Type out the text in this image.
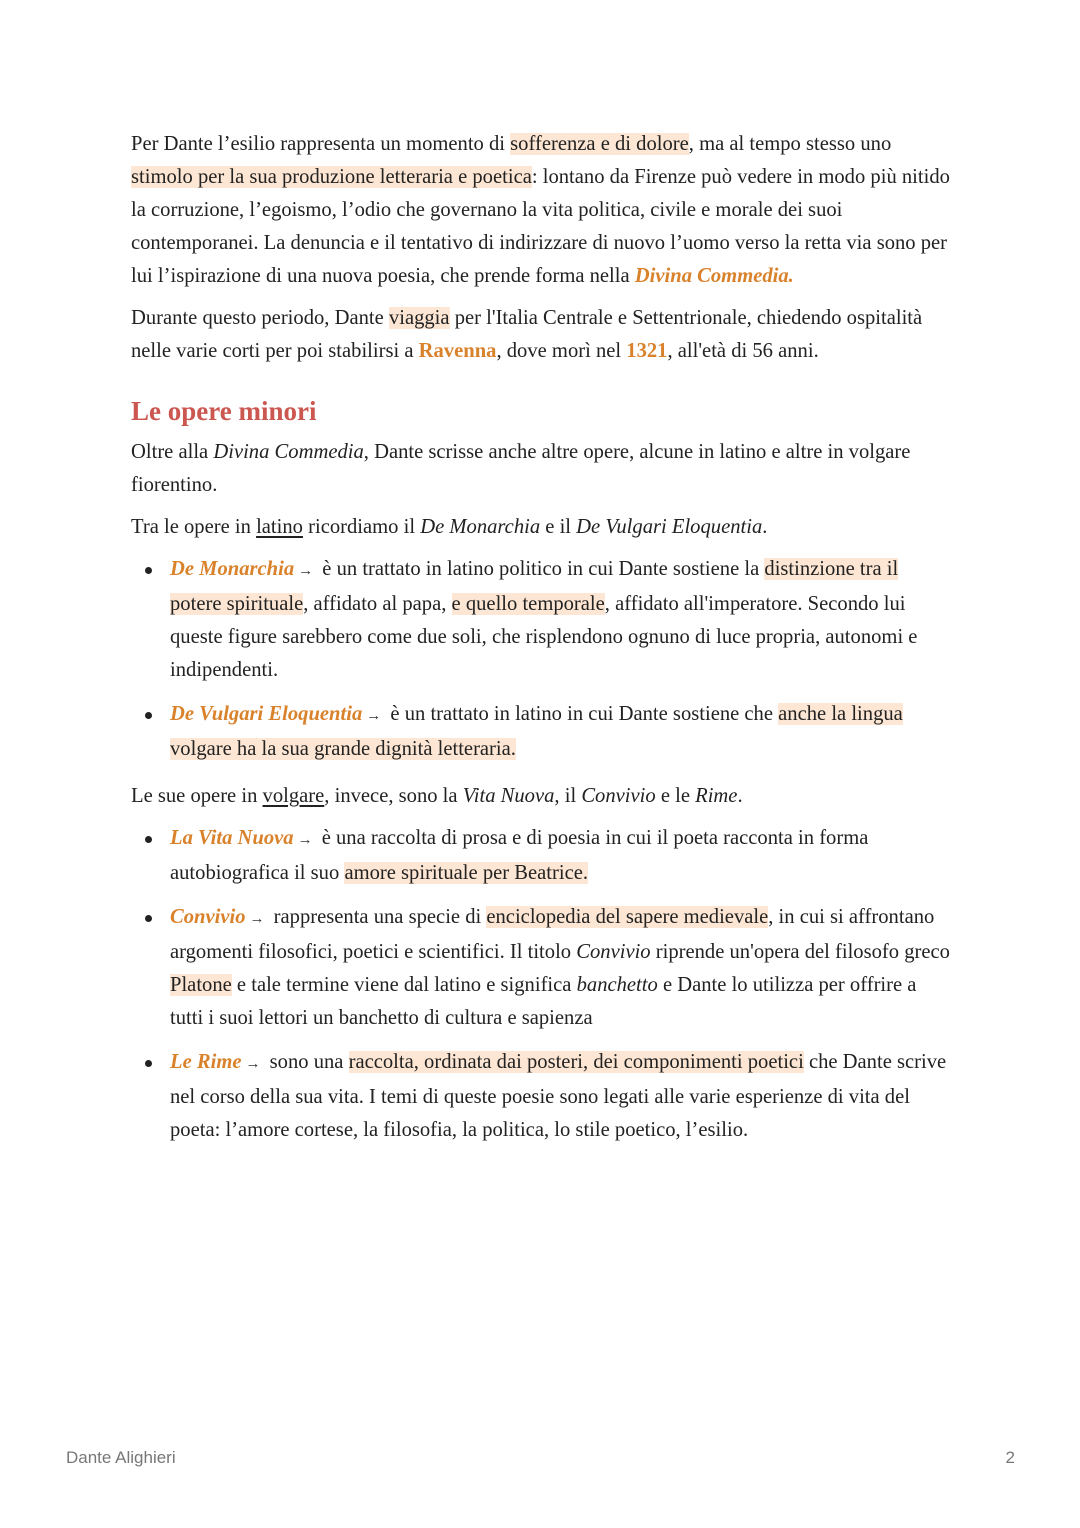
Per Dante l’esilio rappresenta un momento di sofferenza e di dolore, ma al tempo stesso uno stimolo per la sua produzione letteraria e poetica: lontano da Firenze può vedere in modo più nitido la corruzione, l’egoismo, l’odio che governano la vita politica, civile e morale dei suoi contemporanei. La denuncia e il tentativo di indirizzare di nuovo l’uomo verso la retta via sono per lui l’ispirazione di una nuova poesia, che prende forma nella Divina Commedia.

Durante questo periodo, Dante viaggia per l'Italia Centrale e Settentrionale, chiedendo ospitalità nelle varie corti per poi stabilirsi a Ravenna, dove morì nel 1321, all'età di 56 anni.

Le opere minori

Oltre alla Divina Commedia, Dante scrisse anche altre opere, alcune in latino e altre in volgare fiorentino.

Tra le opere in latino ricordiamo il De Monarchia e il De Vulgari Eloquentia.

De Monarchia → è un trattato in latino politico in cui Dante sostiene la distinzione tra il potere spirituale, affidato al papa, e quello temporale, affidato all'imperatore. Secondo lui queste figure sarebbero come due soli, che risplendono ognuno di luce propria, autonomi e indipendenti.
De Vulgari Eloquentia → è un trattato in latino in cui Dante sostiene che anche la lingua volgare ha la sua grande dignità letteraria.

Le sue opere in volgare, invece, sono la Vita Nuova, il Convivio e le Rime.

La Vita Nuova → è una raccolta di prosa e di poesia in cui il poeta racconta in forma autobiografica il suo amore spirituale per Beatrice.
Convivio → rappresenta una specie di enciclopedia del sapere medievale, in cui si affrontano argomenti filosofici, poetici e scientifici. Il titolo Convivio riprende un'opera del filosofo greco Platone e tale termine viene dal latino e significa banchetto e Dante lo utilizza per offrire a tutti i suoi lettori un banchetto di cultura e sapienza
Le Rime → sono una raccolta, ordinata dai posteri, dei componimenti poetici che Dante scrive nel corso della sua vita. I temi di queste poesie sono legati alle varie esperienze di vita del poeta: l’amore cortese, la filosofia, la politica, lo stile poetico, l’esilio.
Dante Alighieri	2
